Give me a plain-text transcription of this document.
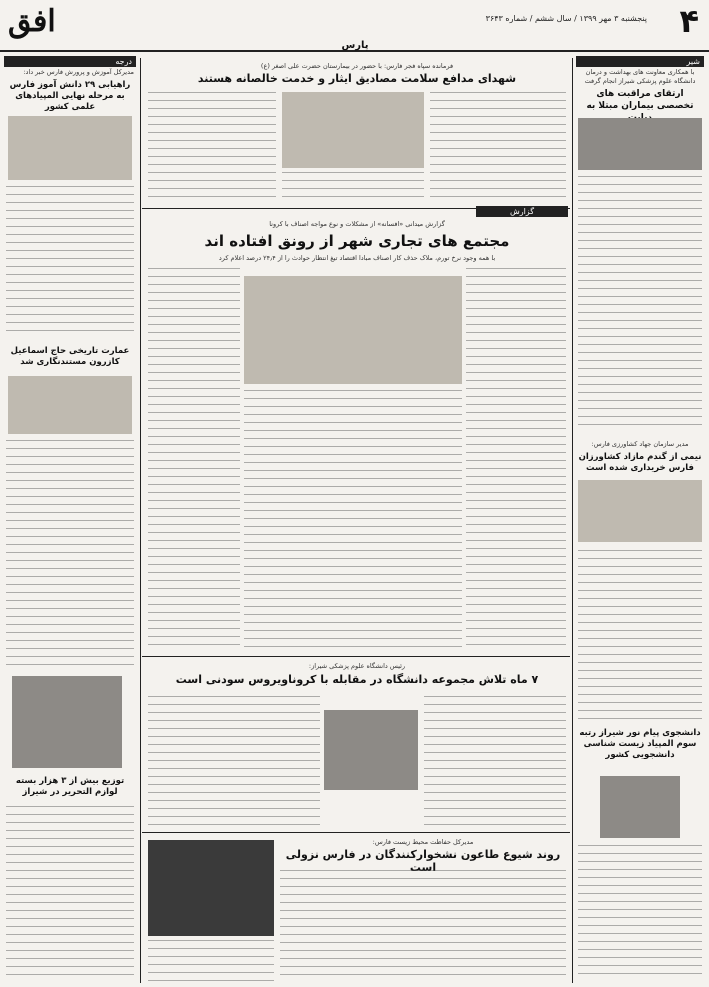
افق	۴
پنجشنبه ۳ مهر ۱۳۹۹ / سال ششم / شماره ۳۶۴۳
پارس
شیر
با همکاری معاونت های بهداشت و درمان دانشگاه علوم پزشکی شیراز انجام گرفت
ارتقای مراقبت های تخصصی بیماران مبتلا به
مدیر سازمان جهاد کشاورزی فارس:
نیمی از گندم مازاد کشاورزان فارس خریداری شده است
دانشجوی پیام نور شیراز رتبه سوم المپیاد زیست شناسی دانشجویی کشور
درجه
مدیرکل آموزش و پرورش فارس خبر داد:
راهیابی ۲۹ دانش آموز فارس به مرحله نهایی المپیادهای علمی کشور
عمارت تاریخی حاج اسماعیل کازرون مستندنگاری شد
توزیع بیش از ۳ هزار بسته لوازم التحریر در شیراز
فرمانده سپاه فجر فارس: با حضور در بیمارستان حضرت علی اصغر (ع)
شهدای مدافع سلامت مصادیق ایثار و خدمت خالصانه هستند
گزارش
گزارش میدانی «افسانه» از مشکلات و نوع مواجه اصناف با کرونا
مجتمع های تجاری شهر از رونق افتاده اند
با همه وجود نرخ تورم، ملاک حذف کار اصناف مبادا اقتصاد تیغ انتظار حوادث را از ۲۴٫۴ درصد اعلام کرد
رئیس دانشگاه علوم پزشکی شیراز:
۷ ماه تلاش مجموعه دانشگاه در مقابله با کروناویروس سودنی است
مدیرکل حفاظت محیط زیست فارس:
روند شیوع طاعون نشخوارکنندگان در فارس نزولی است
